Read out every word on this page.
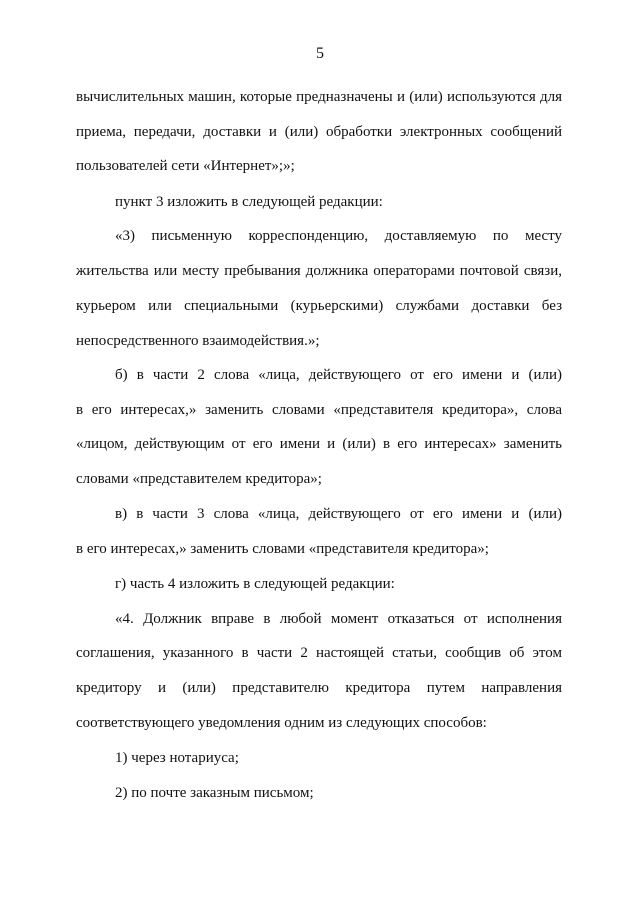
5
вычислительных машин, которые предназначены и (или) используются для
приема, передачи, доставки и (или) обработки электронных сообщений
пользователей сети «Интернет»;»;
пункт 3 изложить в следующей редакции:
«3) письменную корреспонденцию, доставляемую по месту
жительства или месту пребывания должника операторами почтовой связи,
курьером или специальными (курьерскими) службами доставки без
непосредственного взаимодействия.»;
б) в части 2 слова «лица, действующего от его имени и (или)
в его интересах,» заменить словами «представителя кредитора», слова
«лицом, действующим от его имени и (или) в его интересах» заменить
словами «представителем кредитора»;
в) в части 3 слова «лица, действующего от его имени и (или)
в его интересах,» заменить словами «представителя кредитора»;
г) часть 4 изложить в следующей редакции:
«4. Должник вправе в любой момент отказаться от исполнения
соглашения, указанного в части 2 настоящей статьи, сообщив об этом
кредитору и (или) представителю кредитора путем направления
соответствующего уведомления одним из следующих способов:
1) через нотариуса;
2) по почте заказным письмом;
